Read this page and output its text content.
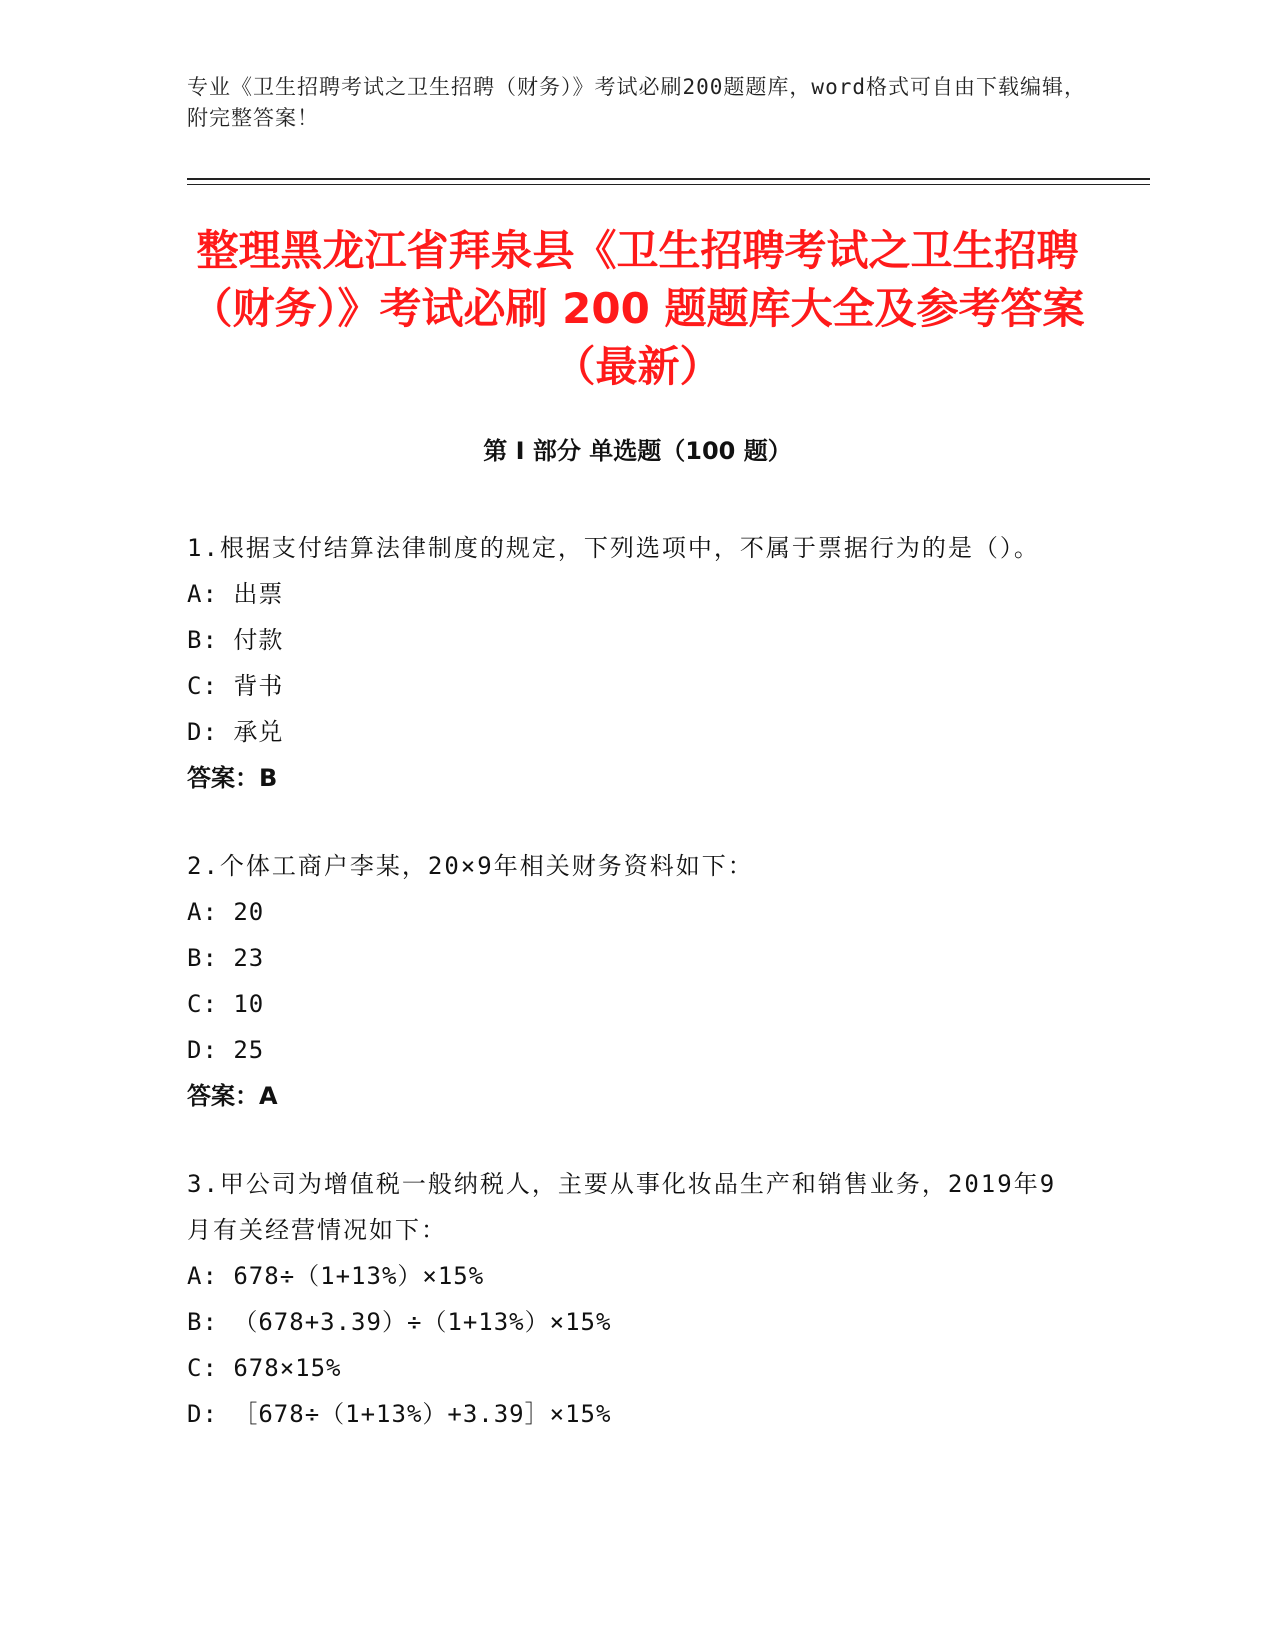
专业《卫生招聘考试之卫生招聘（财务）》考试必刷200题题库，word格式可自由下载编辑，附完整答案！
整理黑龙江省拜泉县《卫生招聘考试之卫生招聘（财务）》考试必刷 200 题题库大全及参考答案（最新）
第 I 部分 单选题（100 题）
1.根据支付结算法律制度的规定，下列选项中，不属于票据行为的是（）。
A: 出票
B: 付款
C: 背书
D: 承兑
答案：B
2.个体工商户李某，20×9年相关财务资料如下：
A: 20
B: 23
C: 10
D: 25
答案：A
3.甲公司为增值税一般纳税人，主要从事化妆品生产和销售业务，2019年9月有关经营情况如下：
A: 678÷（1+13%）×15%
B: （678+3.39）÷（1+13%）×15%
C: 678×15%
D: ［678÷（1+13%）+3.39］×15%
